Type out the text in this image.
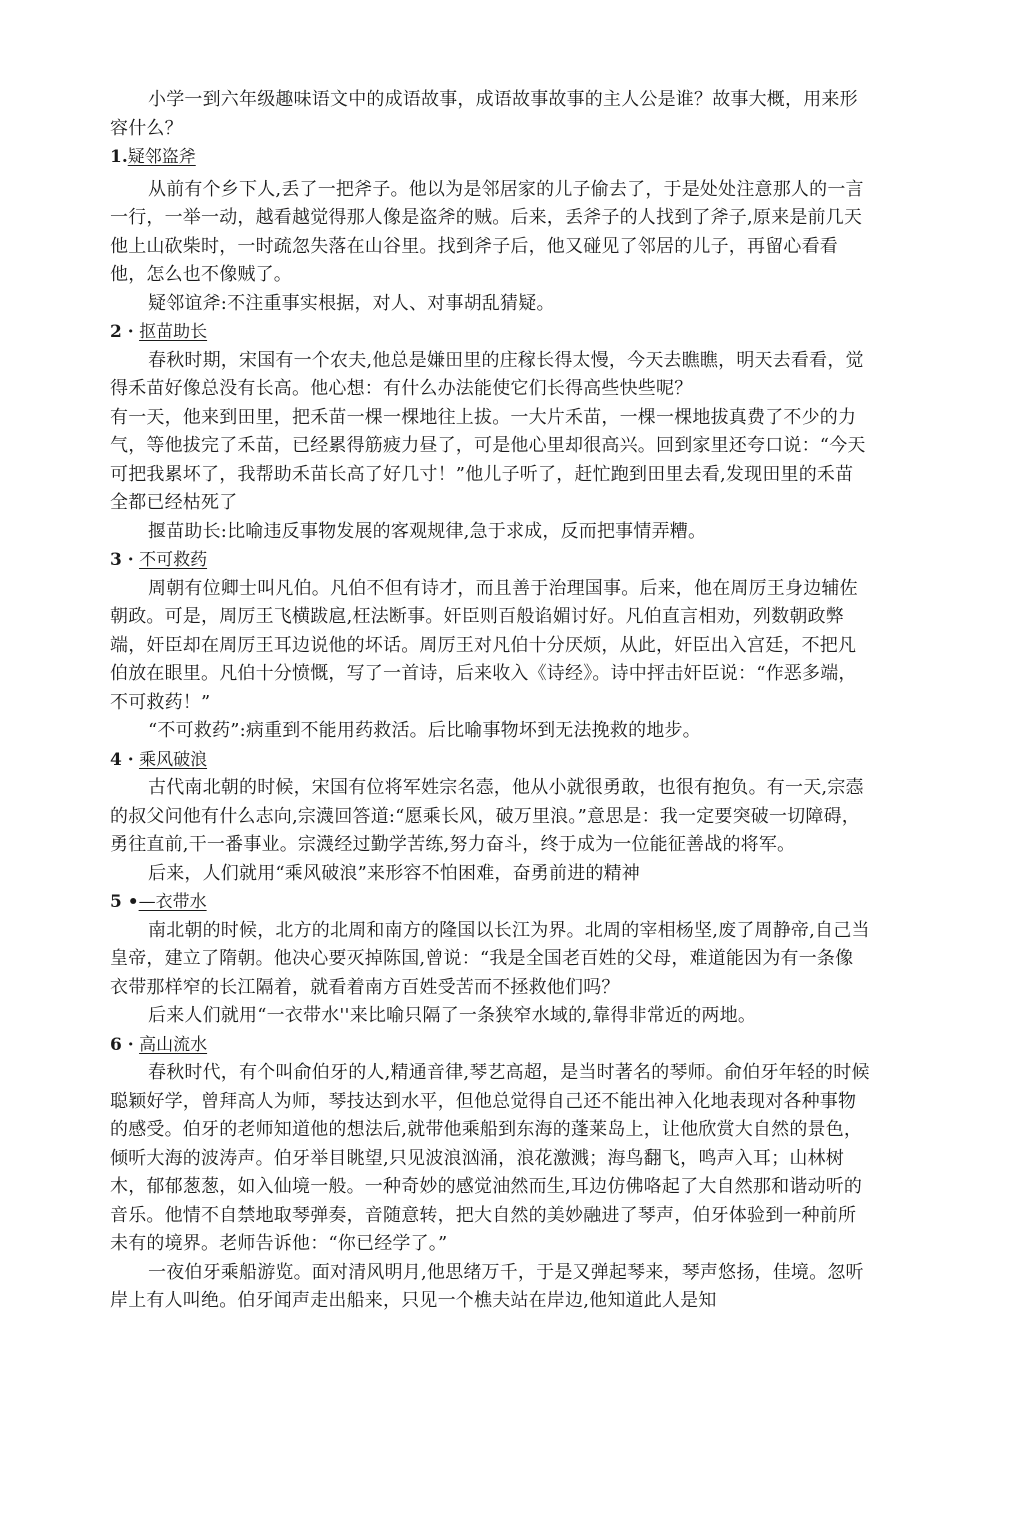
小学一到六年级趣味语文中的成语故事，成语故事故事的主人公是谁？故事大概，用来形容什么？

1.疑邻盗斧

从前有个乡下人,丢了一把斧子。他以为是邻居家的儿子偷去了，于是处处注意那人的一言一行，一举一动，越看越觉得那人像是盗斧的贼。后来，丢斧子的人找到了斧子,原来是前几天他上山砍柴时，一时疏忽失落在山谷里。找到斧子后，他又碰见了邻居的儿子，再留心看看他，怎么也不像贼了。

疑邻谊斧:不注重事实根据，对人、对事胡乱猜疑。

2 · 抠苗助长

春秋时期，宋国有一个农夫,他总是嫌田里的庄稼长得太慢，今天去瞧瞧，明天去看看，觉得禾苗好像总没有长高。他心想：有什么办法能使它们长得高些快些呢？

有一天，他来到田里，把禾苗一棵一棵地往上拔。一大片禾苗，一棵一棵地拔真费了不少的力气，等他拔完了禾苗，已经累得筋疲力昼了，可是他心里却很高兴。回到家里还夸口说：“今天可把我累坏了，我帮助禾苗长高了好几寸！”他儿子听了，赶忙跑到田里去看,发现田里的禾苗全都已经枯死了

揠苗助长:比喻违反事物发展的客观规律,急于求成，反而把事情弄糟。

3 · 不可救药

周朝有位卿士叫凡伯。凡伯不但有诗才，而且善于治理国事。后来，他在周厉王身边辅佐朝政。可是，周厉王飞横跋扈,枉法断事。奸臣则百般谄媚讨好。凡伯直言相劝，列数朝政弊端，奸臣却在周厉王耳边说他的坏话。周厉王对凡伯十分厌烦，从此，奸臣出入宫廷，不把凡伯放在眼里。凡伯十分愤慨，写了一首诗，后来收入《诗经》。诗中抨击奸臣说：“作恶多端，不可救药！”

“不可救药”:病重到不能用药救活。后比喻事物坏到无法挽救的地步。

4 · 乘风破浪

古代南北朝的时候，宋国有位将军姓宗名悫，他从小就很勇敢，也很有抱负。有一天,宗悫的叔父问他有什么志向,宗瀎回答道:“愿乘长风，破万里浪。”意思是：我一定要突破一切障碍，勇往直前,干一番事业。宗瀎经过勤学苦练,努力奋斗，终于成为一位能征善战的将军。

后来，人们就用“乘风破浪”来形容不怕困难，奋勇前进的精神

5 •—衣带水

南北朝的时候，北方的北周和南方的隆国以长江为界。北周的宰相杨坚,废了周静帝,自己当皇帝，建立了隋朝。他决心要灭掉陈国,曾说：“我是全国老百姓的父母，难道能因为有一条像衣带那样窄的长江隔着，就看着南方百姓受苦而不拯救他们吗？

后来人们就用“一衣带水''来比喻只隔了一条狭窄水域的,靠得非常近的两地。

6 · 高山流水

春秋时代，有个叫俞伯牙的人,精通音律,琴艺高超，是当时著名的琴师。俞伯牙年轻的时候聪颖好学，曾拜高人为师，琴技达到水平，但他总觉得自己还不能出神入化地表现对各种事物的感受。伯牙的老师知道他的想法后,就带他乘船到东海的蓬莱岛上，让他欣赏大自然的景色，倾听大海的波涛声。伯牙举目眺望,只见波浪汹涌，浪花激溅；海鸟翻飞，鸣声入耳；山林树木，郁郁葱葱，如入仙境一般。一种奇妙的感觉油然而生,耳边仿佛咯起了大自然那和谐动听的音乐。他情不自禁地取琴弹奏，音随意转，把大自然的美妙融进了琴声，伯牙体验到一种前所未有的境界。老师告诉他：“你已经学了。”

一夜伯牙乘船游览。面对清风明月,他思绪万千，于是又弹起琴来，琴声悠扬，佳境。忽听岸上有人叫绝。伯牙闻声走出船来，只见一个樵夫站在岸边,他知道此人是知
